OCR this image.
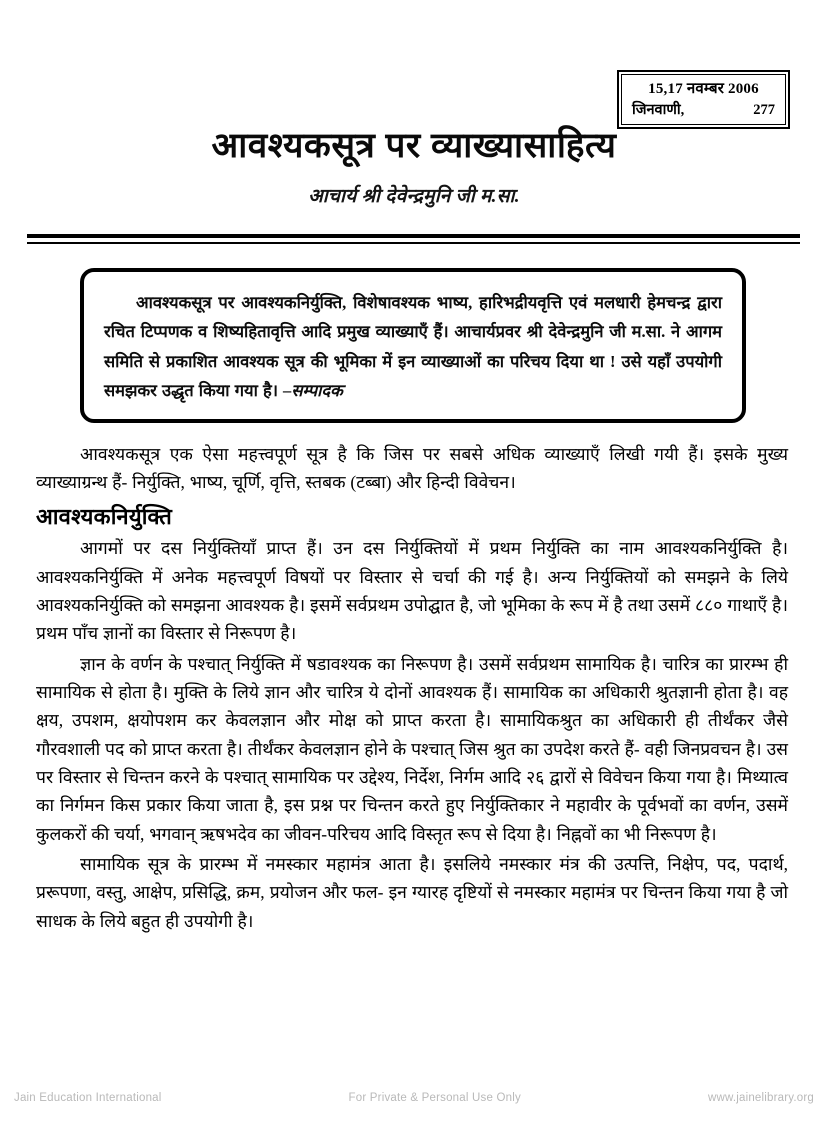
15,17 नवम्बर 2006
जिनवाणी,	277
आवश्यकसूत्र पर व्याख्यासाहित्य
आचार्य श्री देवेन्द्रमुनि जी म.सा.

आवश्यकसूत्र पर आवश्यकनिर्युक्ति, विशेषावश्यक भाष्य, हारिभद्रीयवृत्ति एवं मलधारी हेमचन्द्र द्वारा रचित टिप्पणक व शिष्यहितावृत्ति आदि प्रमुख व्याख्याएँ हैं। आचार्यप्रवर श्री देवेन्द्रमुनि जी म.सा. ने आगम समिति से प्रकाशित आवश्यक सूत्र की भूमिका में इन व्याख्याओं का परिचय दिया था ! उसे यहाँ उपयोगी समझकर उद्धृत किया गया है। –सम्पादक

आवश्यकसूत्र एक ऐसा महत्त्वपूर्ण सूत्र है कि जिस पर सबसे अधिक व्याख्याएँ लिखी गयी हैं। इसके मुख्य व्याख्याग्रन्थ हैं- निर्युक्ति, भाष्य, चूर्णि, वृत्ति, स्तबक (टब्बा) और हिन्दी विवेचन।

आवश्यकनिर्युक्ति

आगमों पर दस निर्युक्तियाँ प्राप्त हैं। उन दस निर्युक्तियों में प्रथम निर्युक्ति का नाम आवश्यकनिर्युक्ति है। आवश्यकनिर्युक्ति में अनेक महत्त्वपूर्ण विषयों पर विस्तार से चर्चा की गई है। अन्य निर्युक्तियों को समझने के लिये आवश्यकनिर्युक्ति को समझना आवश्यक है। इसमें सर्वप्रथम उपोद्घात है, जो भूमिका के रूप में है तथा उसमें ८८० गाथाएँ है। प्रथम पाँच ज्ञानों का विस्तार से निरूपण है।

ज्ञान के वर्णन के पश्चात् निर्युक्ति में षडावश्यक का निरूपण है। उसमें सर्वप्रथम सामायिक है। चारित्र का प्रारम्भ ही सामायिक से होता है। मुक्ति के लिये ज्ञान और चारित्र ये दोनों आवश्यक हैं। सामायिक का अधिकारी श्रुतज्ञानी होता है। वह क्षय, उपशम, क्षयोपशम कर केवलज्ञान और मोक्ष को प्राप्त करता है। सामायिकश्रुत का अधिकारी ही तीर्थंकर जैसे गौरवशाली पद को प्राप्त करता है। तीर्थंकर केवलज्ञान होने के पश्चात् जिस श्रुत का उपदेश करते हैं- वही जिनप्रवचन है। उस पर विस्तार से चिन्तन करने के पश्चात् सामायिक पर उद्देश्य, निर्देश, निर्गम आदि २६ द्वारों से विवेचन किया गया है। मिथ्यात्व का निर्गमन किस प्रकार किया जाता है, इस प्रश्न पर चिन्तन करते हुए निर्युक्तिकार ने महावीर के पूर्वभवों का वर्णन, उसमें कुलकरों की चर्या, भगवान् ऋषभदेव का जीवन-परिचय आदि विस्तृत रूप से दिया है। निह्नवों का भी निरूपण है।

सामायिक सूत्र के प्रारम्भ में नमस्कार महामंत्र आता है। इसलिये नमस्कार मंत्र की उत्पत्ति, निक्षेप, पद, पदार्थ, प्ररूपणा, वस्तु, आक्षेप, प्रसिद्धि, क्रम, प्रयोजन और फल- इन ग्यारह दृष्टियों से नमस्कार महामंत्र पर चिन्तन किया गया है जो साधक के लिये बहुत ही उपयोगी है।

Jain Education International	For Private & Personal Use Only	www.jainelibrary.org
